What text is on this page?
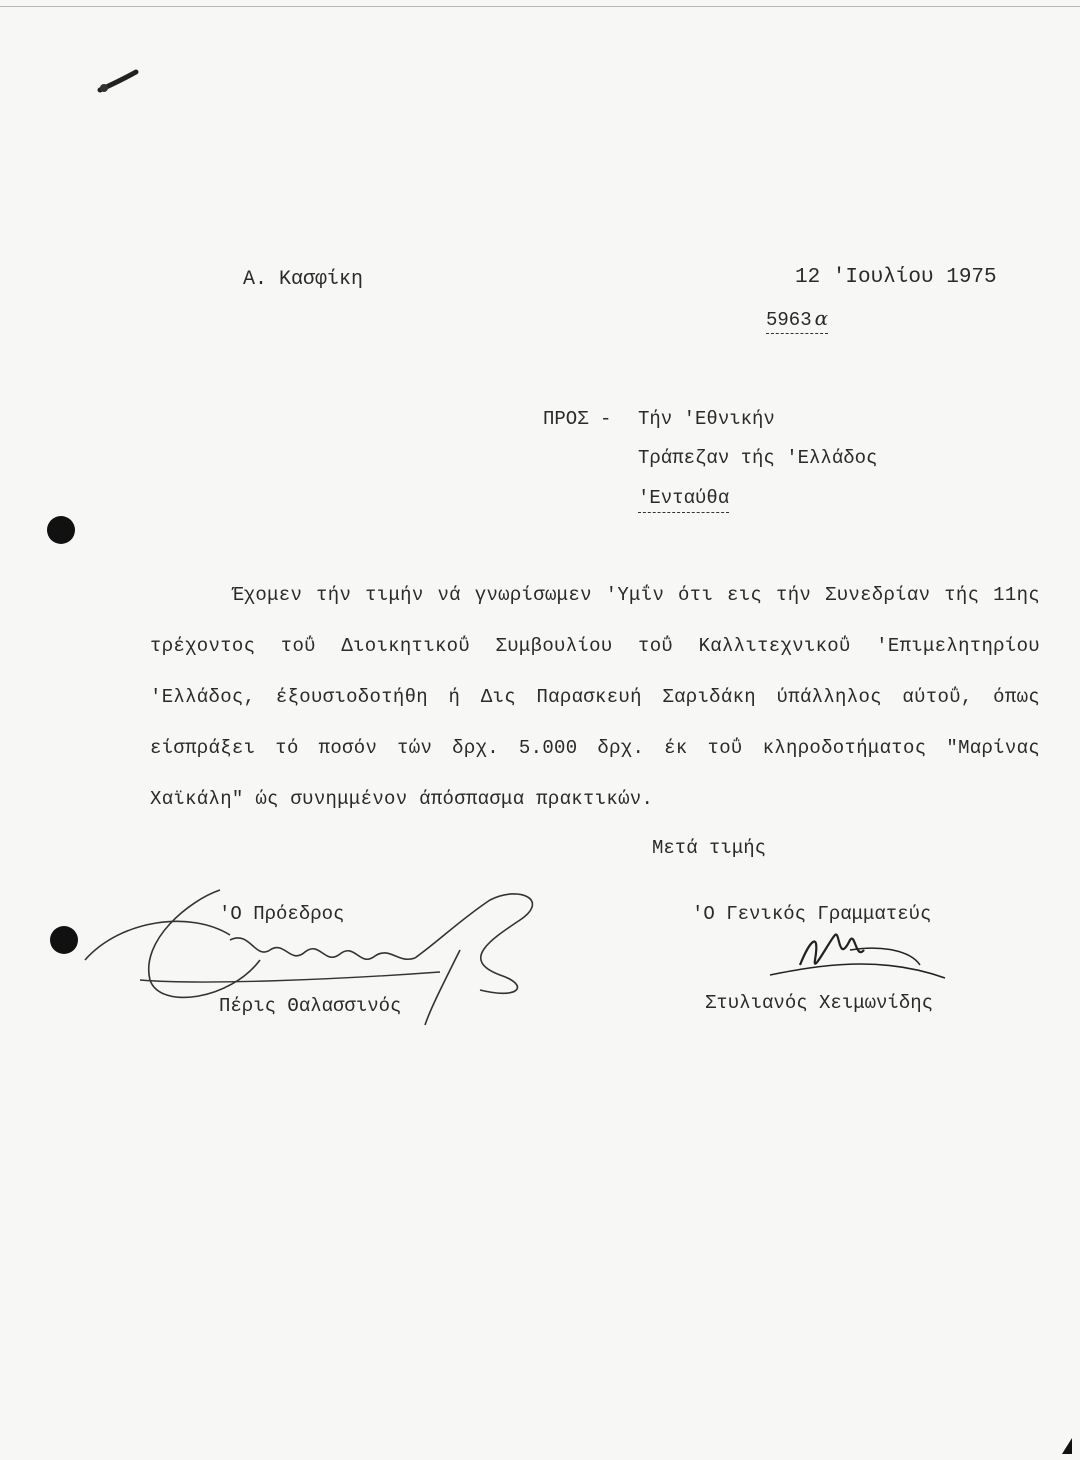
Α. Κασφίκη	12 'Ιουλίου 1975
5963 α
ΠΡΟΣ - Τήν 'Εθνικήν
Τράπεζαν τής 'Ελλάδος
'Ενταύθα
Έχομεν τήν τιμήν νά γνωρίσωμεν 'Υμΐν ότι εις τήν Συνεδρίαν τής 11ης τρέχοντος τοΰ Διοικητικοΰ Συμβουλίου τοΰ Καλλιτεχνικοΰ 'Επιμελητηρίου 'Ελλάδος, έξουσιοδοτήθη ή Δις Παρασκευή Σαριδάκη ύπάλληλος αύτοΰ, όπως είσπράξει τό ποσόν τών δρχ. 5.000 δρχ. έκ τοΰ κληροδοτήματος "Μαρίνας Χαϊκάλη" ώς συνημμένον άπόσπασμα πρακτικών.
Μετά τιμής
'Ο Πρόεδρος
Πέρις Θαλασσινός
'Ο Γενικός Γραμματεύς
Στυλιανός Χειμωνίδης
